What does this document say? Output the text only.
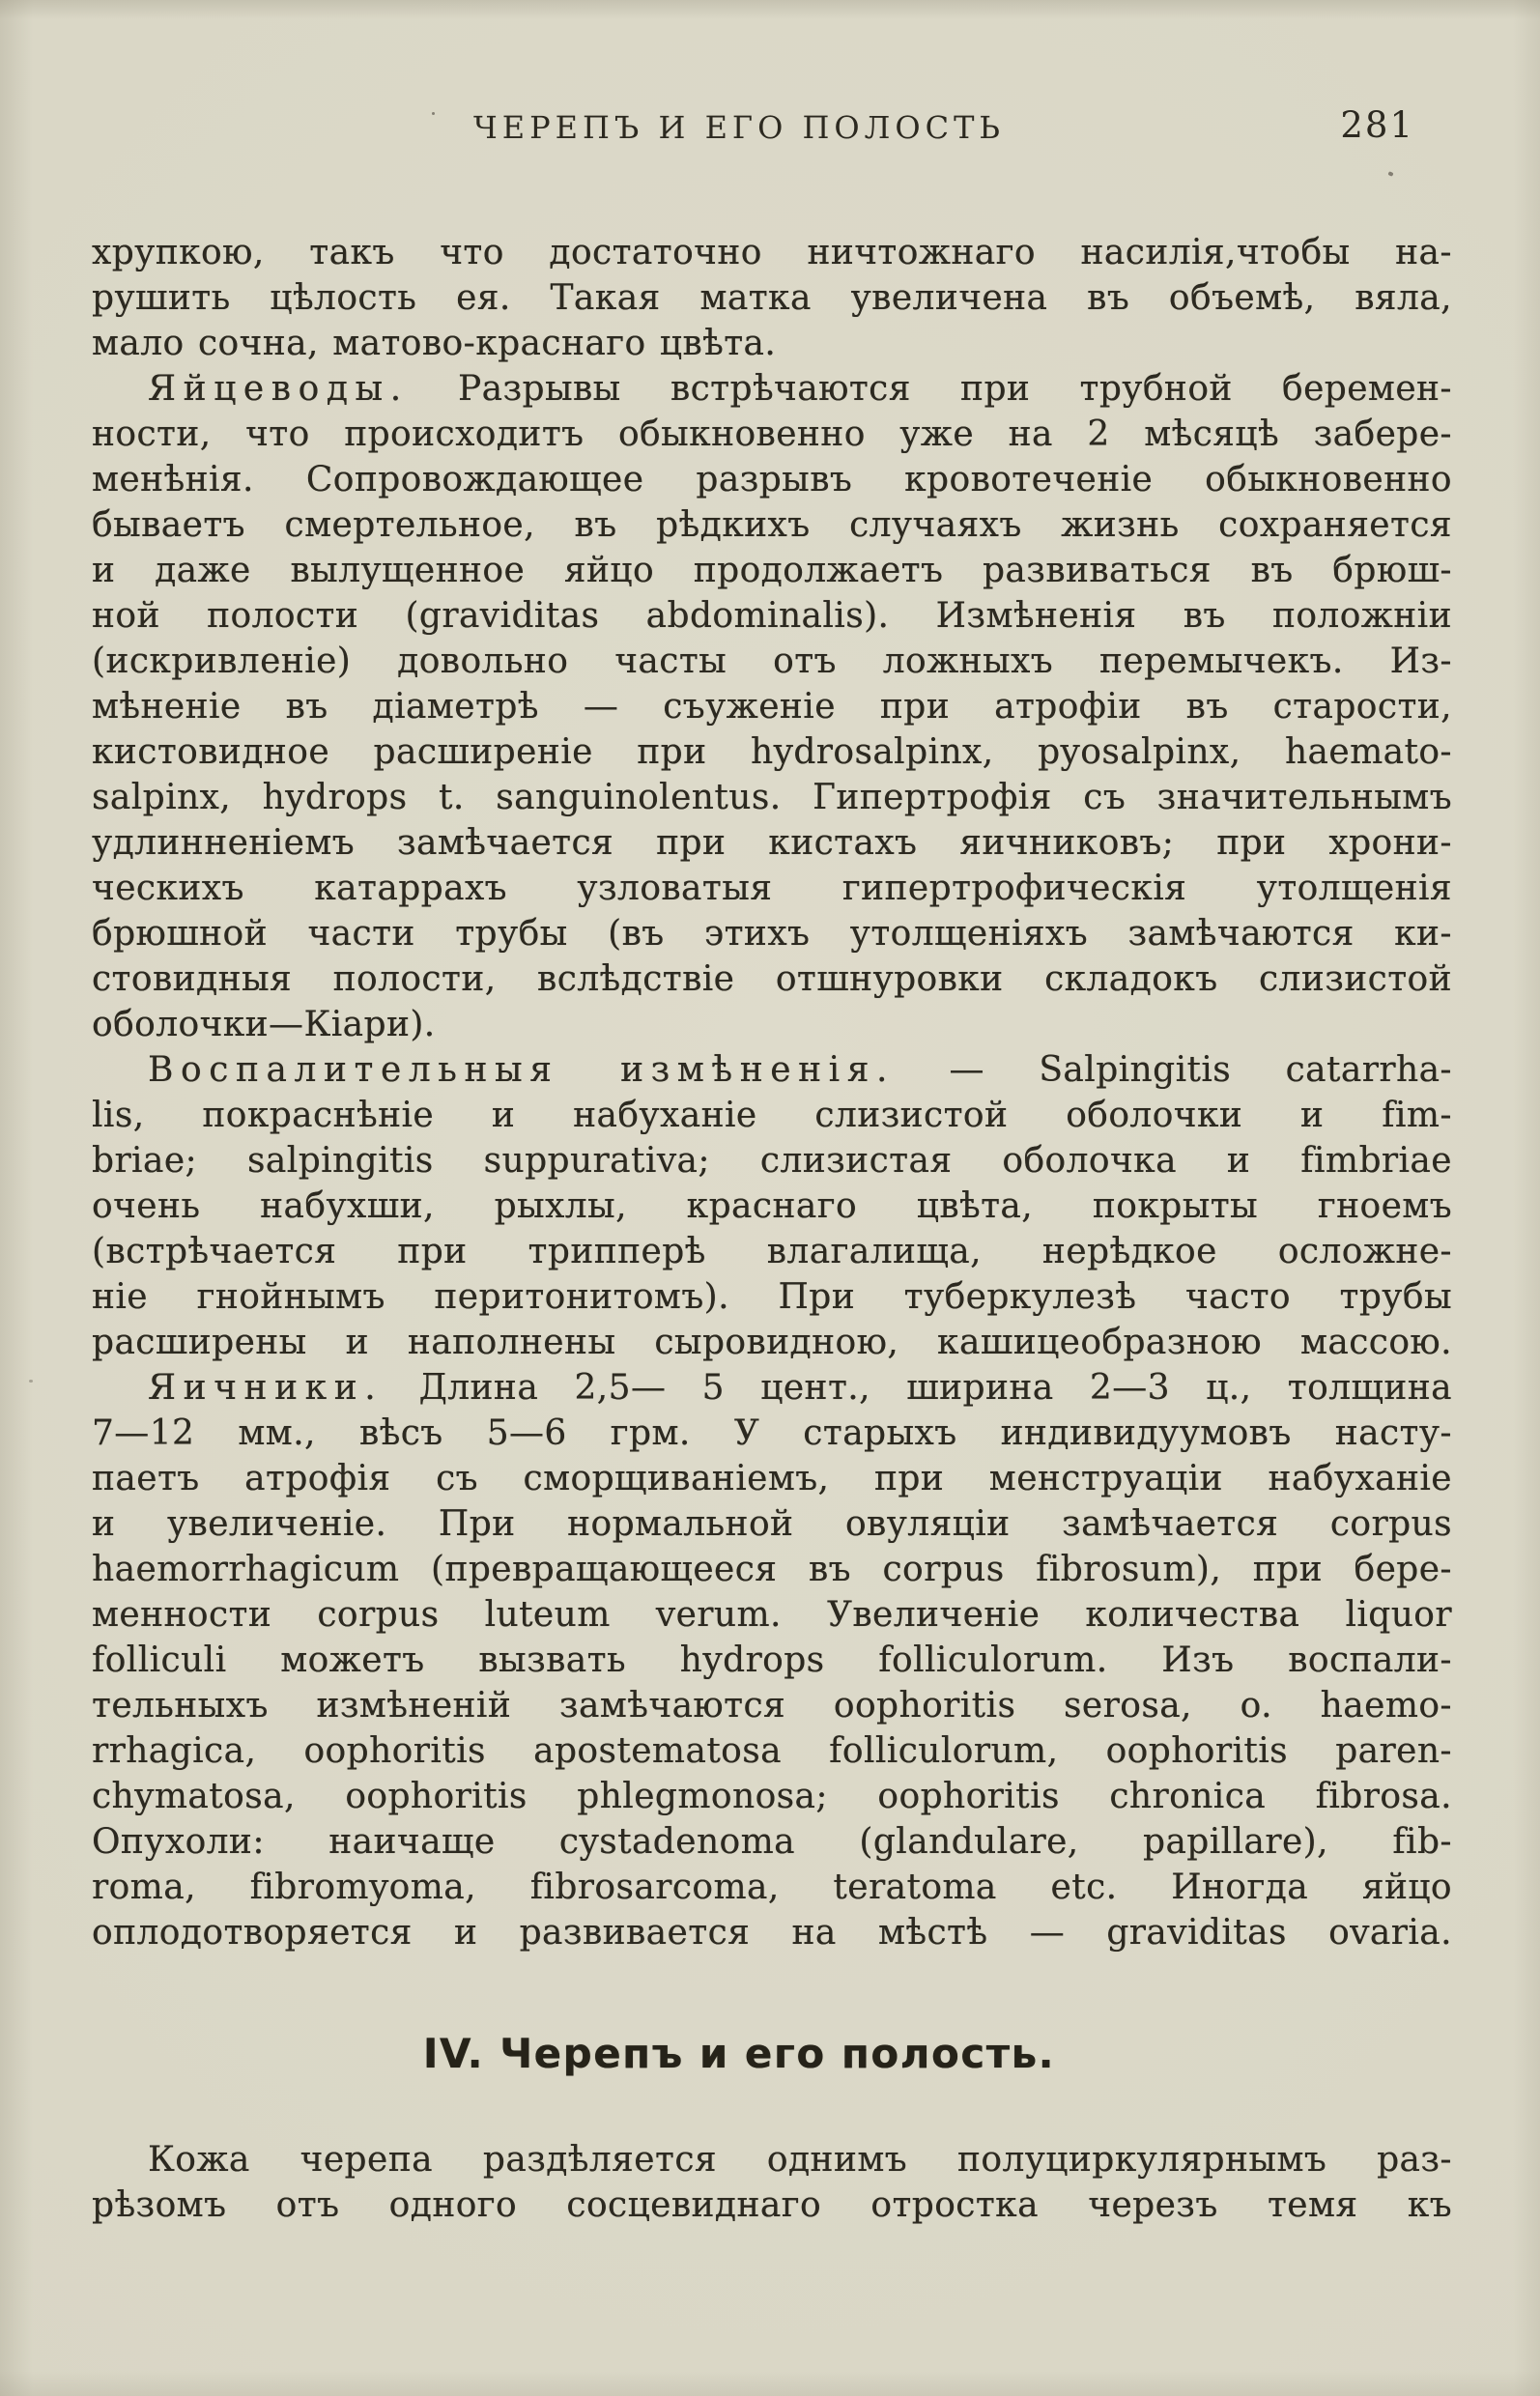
ЧЕРЕПЪ И ЕГО ПОЛОСТЬ	281
хрупкою, такъ что достаточно ничтожнаго насилія,чтобы на-
рушить цѣлость ея. Такая матка увеличена въ объемѣ, вяла,
мало сочна, матово-краснаго цвѣта.
Яйцеводы. Разрывы встрѣчаются при трубной беремен-
ности, что происходитъ обыкновенно уже на 2 мѣсяцѣ забере-
менѣнія. Сопровождающее разрывъ кровотеченіе обыкновенно
бываетъ смертельное, въ рѣдкихъ случаяхъ жизнь сохраняется
и даже вылущенное яйцо продолжаетъ развиваться въ брюш-
ной полости (graviditas abdominalis). Измѣненія въ положніи
(искривленіе) довольно часты отъ ложныхъ перемычекъ. Из-
мѣненіе въ діаметрѣ — съуженіе при атрофіи въ старости,
кистовидное расширеніе при hydrosalpinx, pyosalpinx, haemato-
salpinx, hydrops t. sanguinolentus. Гипертрофія съ значительнымъ
удлинненіемъ замѣчается при кистахъ яичниковъ; при хрони-
ческихъ катаррахъ узловатыя гипертрофическія утолщенія
брюшной части трубы (въ этихъ утолщеніяхъ замѣчаются ки-
стовидныя полости, вслѣдствіе отшнуровки складокъ слизистой
оболочки—Кіари).
Воспалительныя измѣненія. — Salpingitis catarrha-
lis, покраснѣніе и набуханіе слизистой оболочки и fim-
briae; salpingitis suppurativa; слизистая оболочка и fimbriae
очень набухши, рыхлы, краснаго цвѣта, покрыты гноемъ
(встрѣчается при трипперѣ влагалища, нерѣдкое осложне-
ніе гнойнымъ перитонитомъ). При туберкулезѣ часто трубы
расширены и наполнены сыровидною, кашицеобразною массою.
Яичники. Длина 2,5— 5 цент., ширина 2—3 ц., толщина
7—12 мм., вѣсъ 5—6 грм. У старыхъ индивидуумовъ насту-
паетъ атрофія съ сморщиваніемъ, при менструаціи набуханіе
и увеличеніе. При нормальной овуляціи замѣчается corpus
haemorrhagicum (превращающееся въ corpus fibrosum), при бере-
менности corpus luteum verum. Увеличеніе количества liquor
folliculi можетъ вызвать hydrops folliculorum. Изъ воспали-
тельныхъ измѣненій замѣчаются oophoritis serosa, o. haemo-
rrhagica, oophoritis apostematosa folliculorum, oophoritis paren-
chymatosa, oophoritis phlegmonosa; oophoritis chronica fibrosa.
Опухоли: наичаще cystadenoma (glandulare, papillare), fib-
roma, fibromyoma, fibrosarcoma, teratoma etc. Иногда яйцо
оплодотворяется и развивается на мѣстѣ — graviditas ovaria.
IV. Черепъ и его полость.
Кожа черепа раздѣляется однимъ полуциркулярнымъ раз-
рѣзомъ отъ одного сосцевиднаго отростка черезъ темя къ
